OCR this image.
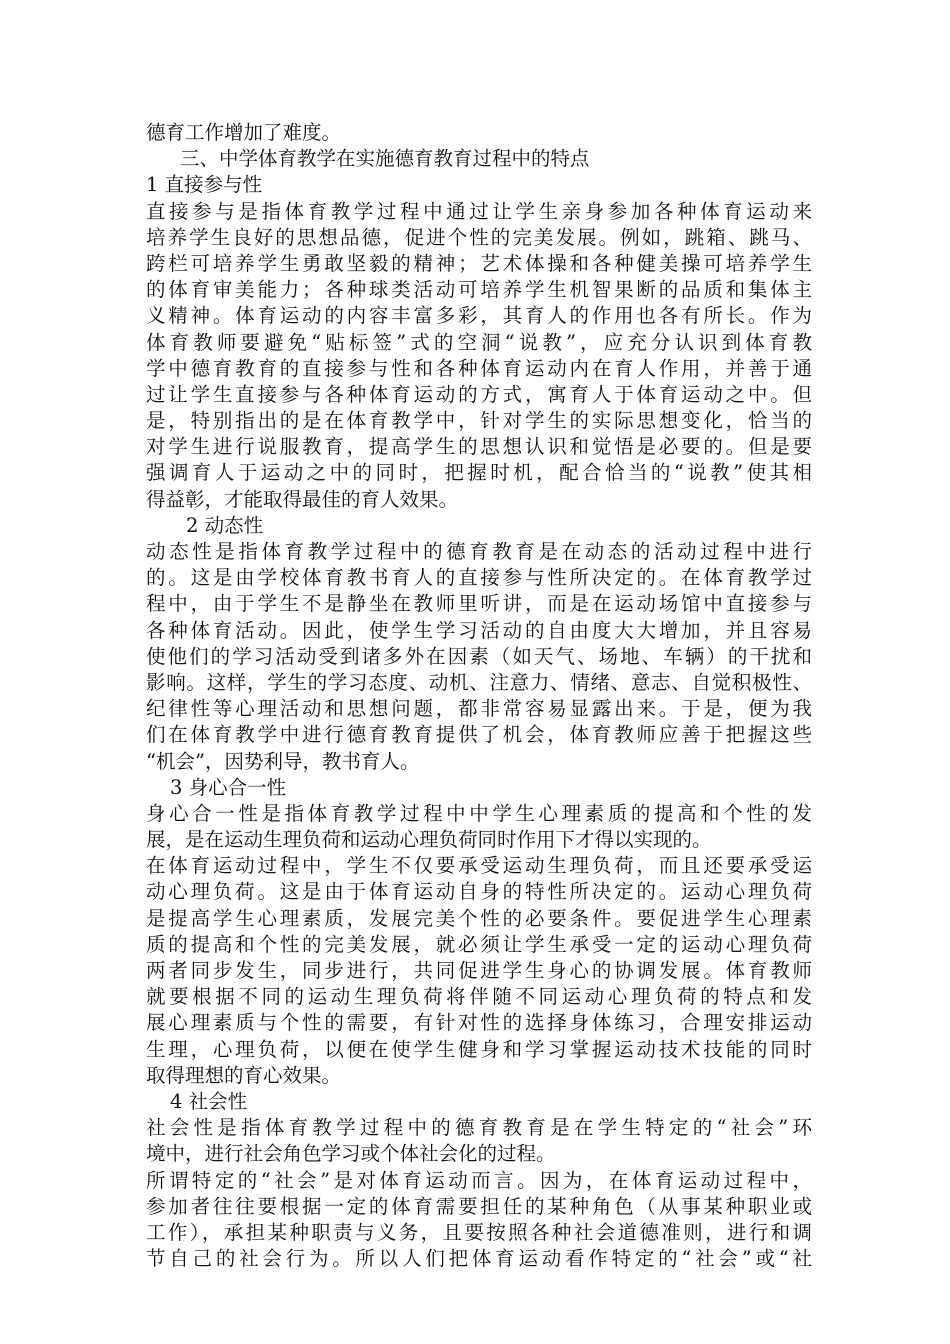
德育工作增加了难度。
三、中学体育教学在实施德育教育过程中的特点
1 直接参与性
直接参与是指体育教学过程中通过让学生亲身参加各种体育运动来
培养学生良好的思想品德，促进个性的完美发展。例如，跳箱、跳马、
跨栏可培养学生勇敢坚毅的精神；艺术体操和各种健美操可培养学生
的体育审美能力；各种球类活动可培养学生机智果断的品质和集体主
义精神。体育运动的内容丰富多彩，其育人的作用也各有所长。作为
体育教师要避免“贴标签”式的空洞“说教”，应充分认识到体育教
学中德育教育的直接参与性和各种体育运动内在育人作用，并善于通
过让学生直接参与各种体育运动的方式，寓育人于体育运动之中。但
是，特别指出的是在体育教学中，针对学生的实际思想变化，恰当的
对学生进行说服教育，提高学生的思想认识和觉悟是必要的。但是要
强调育人于运动之中的同时，把握时机，配合恰当的“说教”使其相
得益彰，才能取得最佳的育人效果。
2 动态性
动态性是指体育教学过程中的德育教育是在动态的活动过程中进行
的。这是由学校体育教书育人的直接参与性所决定的。在体育教学过
程中，由于学生不是静坐在教师里听讲，而是在运动场馆中直接参与
各种体育活动。因此，使学生学习活动的自由度大大增加，并且容易
使他们的学习活动受到诸多外在因素（如天气、场地、车辆）的干扰和
影响。这样，学生的学习态度、动机、注意力、情绪、意志、自觉积极性、
纪律性等心理活动和思想问题，都非常容易显露出来。于是，便为我
们在体育教学中进行德育教育提供了机会，体育教师应善于把握这些
“机会”，因势利导，教书育人。
3 身心合一性
身心合一性是指体育教学过程中中学生心理素质的提高和个性的发
展，是在运动生理负荷和运动心理负荷同时作用下才得以实现的。
在体育运动过程中，学生不仅要承受运动生理负荷，而且还要承受运
动心理负荷。这是由于体育运动自身的特性所决定的。运动心理负荷
是提高学生心理素质，发展完美个性的必要条件。要促进学生心理素
质的提高和个性的完美发展，就必须让学生承受一定的运动心理负荷
两者同步发生，同步进行，共同促进学生身心的协调发展。体育教师
就要根据不同的运动生理负荷将伴随不同运动心理负荷的特点和发
展心理素质与个性的需要，有针对性的选择身体练习，合理安排运动
生理，心理负荷，以便在使学生健身和学习掌握运动技术技能的同时
取得理想的育心效果。
4 社会性
社会性是指体育教学过程中的德育教育是在学生特定的“社会”环
境中，进行社会角色学习或个体社会化的过程。
所谓特定的“社会”是对体育运动而言。因为，在体育运动过程中，
参加者往往要根据一定的体育需要担任的某种角色（从事某种职业或
工作），承担某种职责与义务，且要按照各种社会道德准则，进行和调
节自己的社会行为。所以人们把体育运动看作特定的“社会”或“社
